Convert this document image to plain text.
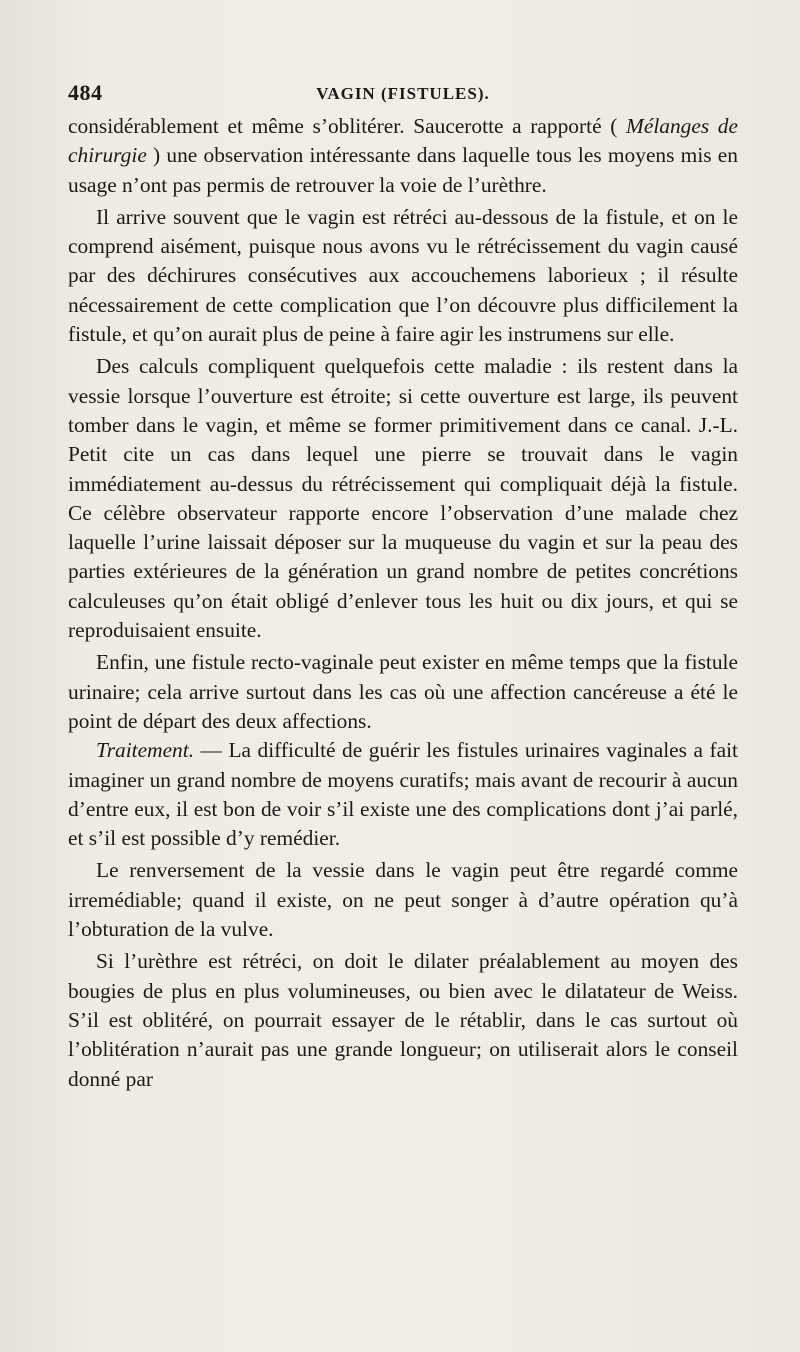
484	VAGIN (FISTULES).

considérablement et même s’oblitérer. Saucerotte a rapporté ( Mélanges de chirurgie ) une observation intéressante dans laquelle tous les moyens mis en usage n’ont pas permis de retrouver la voie de l’urèthre.

Il arrive souvent que le vagin est rétréci au-dessous de la fistule, et on le comprend aisément, puisque nous avons vu le rétrécissement du vagin causé par des déchirures consécutives aux accouchemens laborieux ; il résulte nécessairement de cette complication que l’on découvre plus difficilement la fistule, et qu’on aurait plus de peine à faire agir les instrumens sur elle.

Des calculs compliquent quelquefois cette maladie : ils restent dans la vessie lorsque l’ouverture est étroite; si cette ouverture est large, ils peuvent tomber dans le vagin, et même se former primitivement dans ce canal. J.-L. Petit cite un cas dans lequel une pierre se trouvait dans le vagin immédiatement au-dessus du rétrécissement qui compliquait déjà la fistule. Ce célèbre observateur rapporte encore l’observation d’une malade chez laquelle l’urine laissait déposer sur la muqueuse du vagin et sur la peau des parties extérieures de la génération un grand nombre de petites concrétions calculeuses qu’on était obligé d’enlever tous les huit ou dix jours, et qui se reproduisaient ensuite.

Enfin, une fistule recto-vaginale peut exister en même temps que la fistule urinaire; cela arrive surtout dans les cas où une affection cancéreuse a été le point de départ des deux affections.

Traitement. — La difficulté de guérir les fistules urinaires vaginales a fait imaginer un grand nombre de moyens curatifs; mais avant de recourir à aucun d’entre eux, il est bon de voir s’il existe une des complications dont j’ai parlé, et s’il est possible d’y remédier.

Le renversement de la vessie dans le vagin peut être regardé comme irremédiable; quand il existe, on ne peut songer à d’autre opération qu’à l’obturation de la vulve.

Si l’urèthre est rétréci, on doit le dilater préalablement au moyen des bougies de plus en plus volumineuses, ou bien avec le dilatateur de Weiss. S’il est oblitéré, on pourrait essayer de le rétablir, dans le cas surtout où l’oblitération n’aurait pas une grande longueur; on utiliserait alors le conseil donné par
